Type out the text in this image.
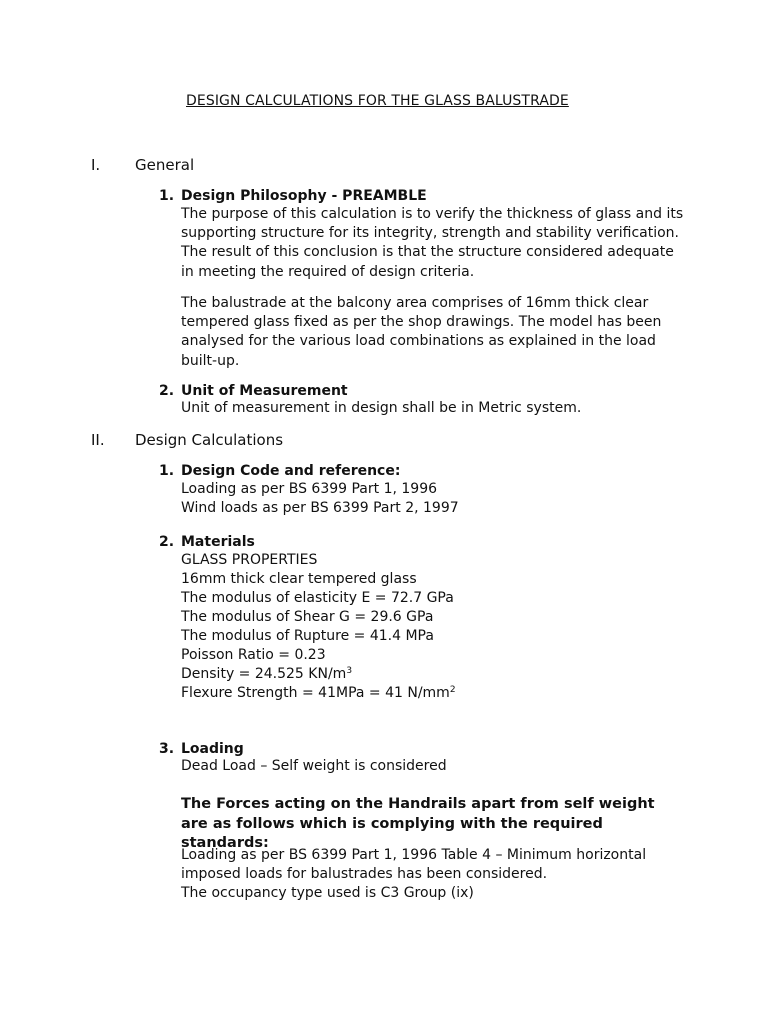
DESIGN CALCULATIONS FOR THE GLASS BALUSTRADE
I. General
1. Design Philosophy - PREAMBLE
The purpose of this calculation is to verify the thickness of glass and its supporting structure for its integrity, strength and stability verification. The result of this conclusion is that the structure considered adequate in meeting the required of design criteria.
The balustrade at the balcony area comprises of 16mm thick clear tempered glass fixed as per the shop drawings. The model has been analysed for the various load combinations as explained in the load built-up.
2. Unit of Measurement
Unit of measurement in design shall be in Metric system.
II. Design Calculations
1. Design Code and reference:
Loading as per BS 6399 Part 1, 1996
Wind loads as per BS 6399 Part 2, 1997
2. Materials
GLASS PROPERTIES
16mm thick clear tempered glass
The modulus of elasticity E = 72.7 GPa
The modulus of Shear G = 29.6 GPa
The modulus of Rupture = 41.4 MPa
Poisson Ratio = 0.23
Density = 24.525 $KN/m^3$
Flexure Strength = 41MPa = 41 $N/mm^2$
3. Loading
Dead Load – Self weight is considered
The Forces acting on the Handrails apart from self weight are as follows which is complying with the required standards:
Loading as per BS 6399 Part 1, 1996 Table 4 – Minimum horizontal imposed loads for balustrades has been considered.
The occupancy type used is C3 Group (ix)
